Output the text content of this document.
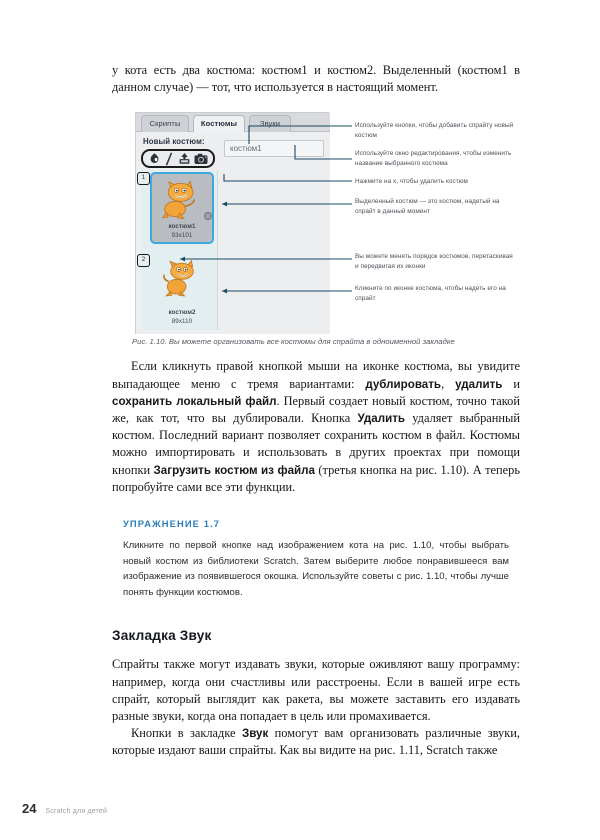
у кота есть два костюма: костюм1 и костюм2. Выделенный (костюм1 в данном случае) — тот, что используется в настоящий момент.

Скрипты	Костюмы	Звуки
Новый костюм:
костюм1
костюм1
93x101
костюм2
89x110
1
2
Используйте кнопки, чтобы добавить спрайту новый костюм
Используйте окно редактирования, чтобы изменить название выбранного костюма
Нажмите на х, чтобы удалить костюм
Выделенный костюм — это костюм, надетый на спрайт в данный момент
Вы можете менять порядок костюмов, перетаскивая и передвигая их иконки
Кликните по иконке костюма, чтобы надеть его на спрайт
Рис. 1.10. Вы можете организовать все костюмы для спрайта в одноименной закладке

Если кликнуть правой кнопкой мыши на иконке костюма, вы увидите выпадающее меню с тремя вариантами: дублировать, удалить и сохранить локальный файл. Первый создает новый костюм, точно такой же, как тот, что вы дублировали. Кнопка Удалить удаляет выбранный костюм. Последний вариант позволяет сохранить костюм в файл. Костюмы можно импортировать и использовать в других проектах при помощи кнопки Загрузить костюм из файла (третья кнопка на рис. 1.10). А теперь попробуйте сами все эти функции.

УПРАЖНЕНИЕ 1.7
Кликните по первой кнопке над изображением кота на рис. 1.10, чтобы выбрать новый костюм из библиотеки Scratch. Затем выберите любое понравившееся вам изображение из появившегося окошка. Используйте советы с рис. 1.10, чтобы лучше понять функции костюмов.
Закладка Звук

Спрайты также могут издавать звуки, которые оживляют вашу программу: например, когда они счастливы или расстроены. Если в вашей игре есть спрайт, который выглядит как ракета, вы можете заставить его издавать разные звуки, когда она попадает в цель или промахивается.

Кнопки в закладке Звук помогут вам организовать различные звуки, которые издают ваши спрайты. Как вы видите на рис. 1.11, Scratch также

24 Scratch для детей
